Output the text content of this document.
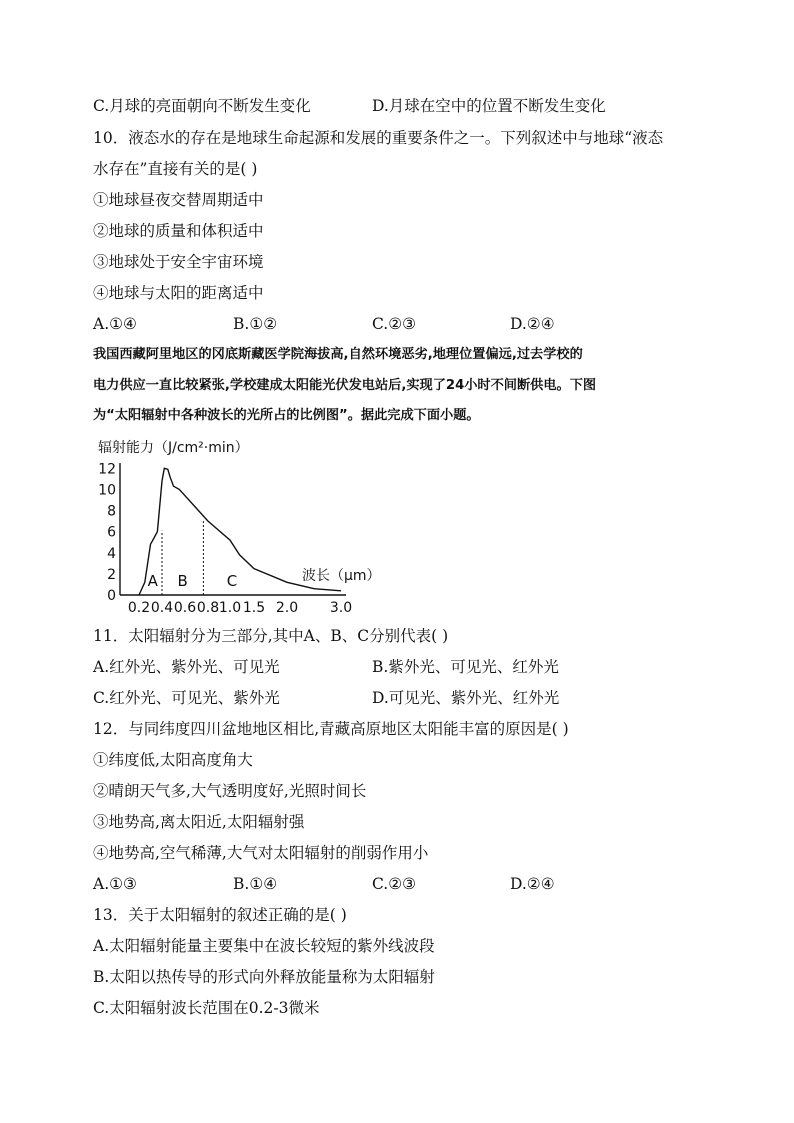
C.月球的亮面朝向不断发生变化	D.月球在空中的位置不断发生变化
10．液态水的存在是地球生命起源和发展的重要条件之一。下列叙述中与地球“液态
水存在”直接有关的是( )
①地球昼夜交替周期适中
②地球的质量和体积适中
③地球处于安全宇宙环境
④地球与太阳的距离适中
A.①④	B.①②	C.②③	D.②④
我国西藏阿里地区的冈底斯藏医学院海拔高,自然环境恶劣,地理位置偏远,过去学校的
电力供应一直比较紧张,学校建成太阳能光伏发电站后,实现了24小时不间断供电。下图
为“太阳辐射中各种波长的光所占的比例图”。据此完成下面小题。
辐射能力（J/cm²·min）
0
2
4
6
8
10
12
0.2 0.4 0.6 0.8 1.0 1.5 2.0 3.0
A B	C	波长（μm）
11．太阳辐射分为三部分,其中A、B、C分别代表( )
A.红外光、紫外光、可见光	B.紫外光、可见光、红外光
C.红外光、可见光、紫外光	D.可见光、紫外光、红外光
12．与同纬度四川盆地地区相比,青藏高原地区太阳能丰富的原因是( )
①纬度低,太阳高度角大
②晴朗天气多,大气透明度好,光照时间长
③地势高,离太阳近,太阳辐射强
④地势高,空气稀薄,大气对太阳辐射的削弱作用小
A.①③	B.①④	C.②③	D.②④
13．关于太阳辐射的叙述正确的是( )
A.太阳辐射能量主要集中在波长较短的紫外线波段
B.太阳以热传导的形式向外释放能量称为太阳辐射
C.太阳辐射波长范围在0.2-3微米
